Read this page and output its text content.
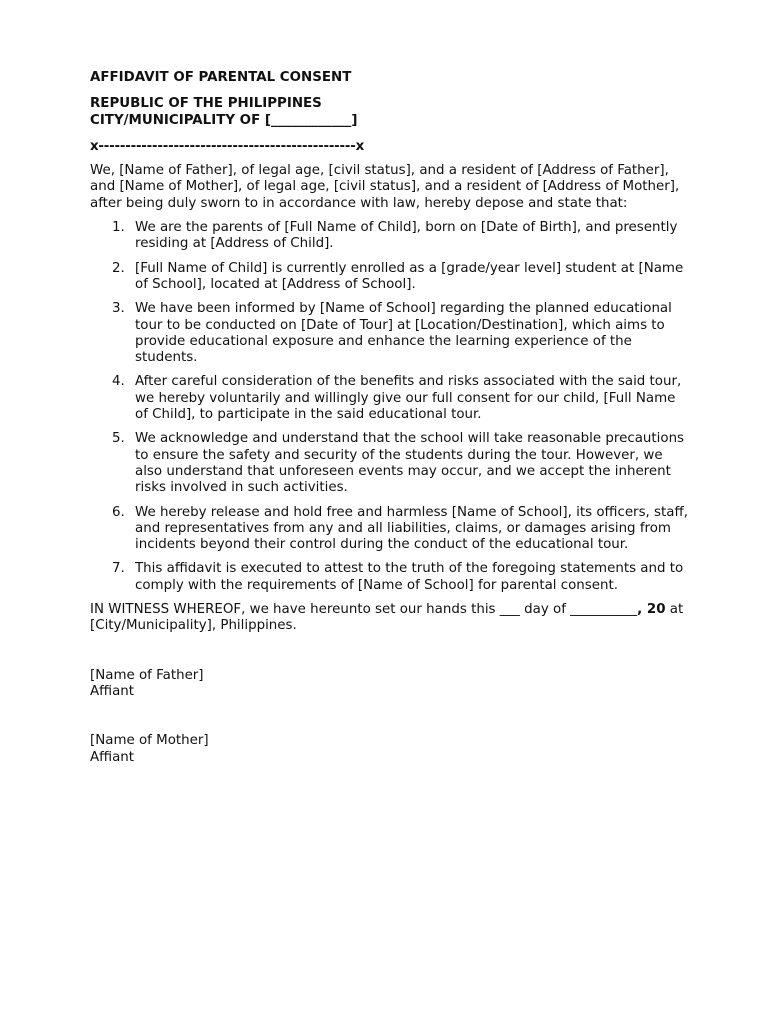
AFFIDAVIT OF PARENTAL CONSENT
REPUBLIC OF THE PHILIPPINES
CITY/MUNICIPALITY OF [____________]
x------------------------------------------------x
We, [Name of Father], of legal age, [civil status], and a resident of [Address of Father], and [Name of Mother], of legal age, [civil status], and a resident of [Address of Mother], after being duly sworn to in accordance with law, hereby depose and state that:
1. We are the parents of [Full Name of Child], born on [Date of Birth], and presently residing at [Address of Child].
2. [Full Name of Child] is currently enrolled as a [grade/year level] student at [Name of School], located at [Address of School].
3. We have been informed by [Name of School] regarding the planned educational tour to be conducted on [Date of Tour] at [Location/Destination], which aims to provide educational exposure and enhance the learning experience of the students.
4. After careful consideration of the benefits and risks associated with the said tour, we hereby voluntarily and willingly give our full consent for our child, [Full Name of Child], to participate in the said educational tour.
5. We acknowledge and understand that the school will take reasonable precautions to ensure the safety and security of the students during the tour. However, we also understand that unforeseen events may occur, and we accept the inherent risks involved in such activities.
6. We hereby release and hold free and harmless [Name of School], its officers, staff, and representatives from any and all liabilities, claims, or damages arising from incidents beyond their control during the conduct of the educational tour.
7. This affidavit is executed to attest to the truth of the foregoing statements and to comply with the requirements of [Name of School] for parental consent.
IN WITNESS WHEREOF, we have hereunto set our hands this ___ day of __________, 20 at [City/Municipality], Philippines.
[Name of Father]
Affiant
[Name of Mother]
Affiant
